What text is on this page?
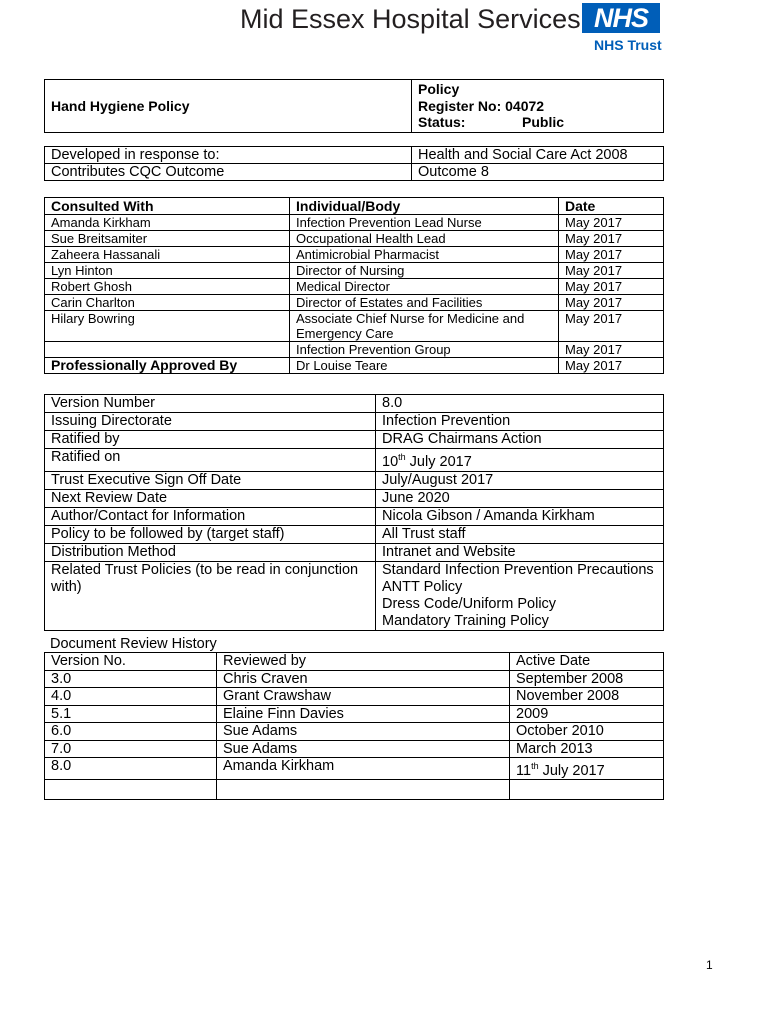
Mid Essex Hospital Services NHS
NHS Trust
Hand Hygiene Policy	
Policy
Register No: 04072
Status:	Public
Developed in response to:	Health and Social Care Act 2008
Contributes CQC Outcome	Outcome 8
Consulted With	Individual/Body	Date
Amanda Kirkham	Infection Prevention Lead Nurse	May 2017
Sue Breitsamiter	Occupational Health Lead	May 2017
Zaheera Hassanali	Antimicrobial Pharmacist	May 2017
Lyn Hinton	Director of Nursing	May 2017
Robert Ghosh	Medical Director	May 2017
Carin Charlton	Director of Estates and Facilities	May 2017
Hilary Bowring	Associate Chief Nurse for Medicine and Emergency Care	May 2017
	Infection Prevention Group	May 2017
Professionally Approved By	Dr Louise Teare	May 2017
Version Number	8.0
Issuing Directorate	Infection Prevention
Ratified by	DRAG Chairmans Action
Ratified on	10th July 2017
Trust Executive Sign Off Date	July/August 2017
Next Review Date	June 2020
Author/Contact for Information	Nicola Gibson / Amanda Kirkham
Policy to be followed by (target staff)	All Trust staff
Distribution Method	Intranet and Website
Related Trust Policies (to be read in conjunction with)	Standard Infection Prevention Precautions
ANTT Policy
Dress Code/Uniform Policy
Mandatory Training Policy
Document Review History
Version No.	Reviewed by	Active Date
3.0	Chris Craven	September 2008
4.0	Grant Crawshaw	November 2008
5.1	Elaine Finn Davies	2009
6.0	Sue Adams	October 2010
7.0	Sue Adams	March 2013
8.0	Amanda Kirkham	11th July 2017

1
